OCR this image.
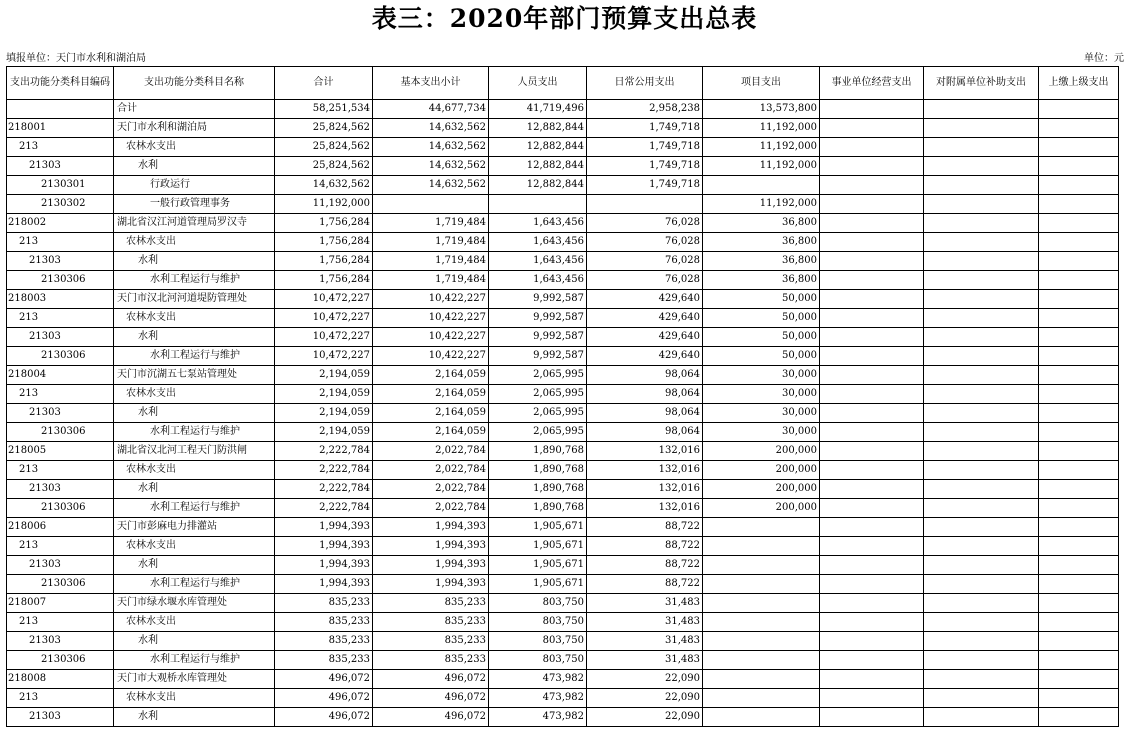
表三：2020年部门预算支出总表
填报单位：天门市水利和湖泊局	单位：元
支出功能分类科目编码	支出功能分类科目名称	合计	基本支出小计	人员支出	日常公用支出	项目支出	事业单位经营支出	对附属单位补助支出	上缴上级支出
	合计	58,251,534	44,677,734	41,719,496	2,958,238	13,573,800			
218001	天门市水利和湖泊局	25,824,562	14,632,562	12,882,844	1,749,718	11,192,000			
213	农林水支出	25,824,562	14,632,562	12,882,844	1,749,718	11,192,000			
21303	水利	25,824,562	14,632,562	12,882,844	1,749,718	11,192,000			
2130301	行政运行	14,632,562	14,632,562	12,882,844	1,749,718				
2130302	一般行政管理事务	11,192,000				11,192,000			
218002	湖北省汉江河道管理局罗汉寺	1,756,284	1,719,484	1,643,456	76,028	36,800			
213	农林水支出	1,756,284	1,719,484	1,643,456	76,028	36,800			
21303	水利	1,756,284	1,719,484	1,643,456	76,028	36,800			
2130306	水利工程运行与维护	1,756,284	1,719,484	1,643,456	76,028	36,800			
218003	天门市汉北河河道堤防管理处	10,472,227	10,422,227	9,992,587	429,640	50,000			
213	农林水支出	10,472,227	10,422,227	9,992,587	429,640	50,000			
21303	水利	10,472,227	10,422,227	9,992,587	429,640	50,000			
2130306	水利工程运行与维护	10,472,227	10,422,227	9,992,587	429,640	50,000			
218004	天门市沉湖五七泵站管理处	2,194,059	2,164,059	2,065,995	98,064	30,000			
213	农林水支出	2,194,059	2,164,059	2,065,995	98,064	30,000			
21303	水利	2,194,059	2,164,059	2,065,995	98,064	30,000			
2130306	水利工程运行与维护	2,194,059	2,164,059	2,065,995	98,064	30,000			
218005	湖北省汉北河工程天门防洪闸	2,222,784	2,022,784	1,890,768	132,016	200,000			
213	农林水支出	2,222,784	2,022,784	1,890,768	132,016	200,000			
21303	水利	2,222,784	2,022,784	1,890,768	132,016	200,000			
2130306	水利工程运行与维护	2,222,784	2,022,784	1,890,768	132,016	200,000			
218006	天门市彭麻电力排灌站	1,994,393	1,994,393	1,905,671	88,722				
213	农林水支出	1,994,393	1,994,393	1,905,671	88,722				
21303	水利	1,994,393	1,994,393	1,905,671	88,722				
2130306	水利工程运行与维护	1,994,393	1,994,393	1,905,671	88,722				
218007	天门市绿水堰水库管理处	835,233	835,233	803,750	31,483				
213	农林水支出	835,233	835,233	803,750	31,483				
21303	水利	835,233	835,233	803,750	31,483				
2130306	水利工程运行与维护	835,233	835,233	803,750	31,483				
218008	天门市大观桥水库管理处	496,072	496,072	473,982	22,090				
213	农林水支出	496,072	496,072	473,982	22,090				
21303	水利	496,072	496,072	473,982	22,090				
